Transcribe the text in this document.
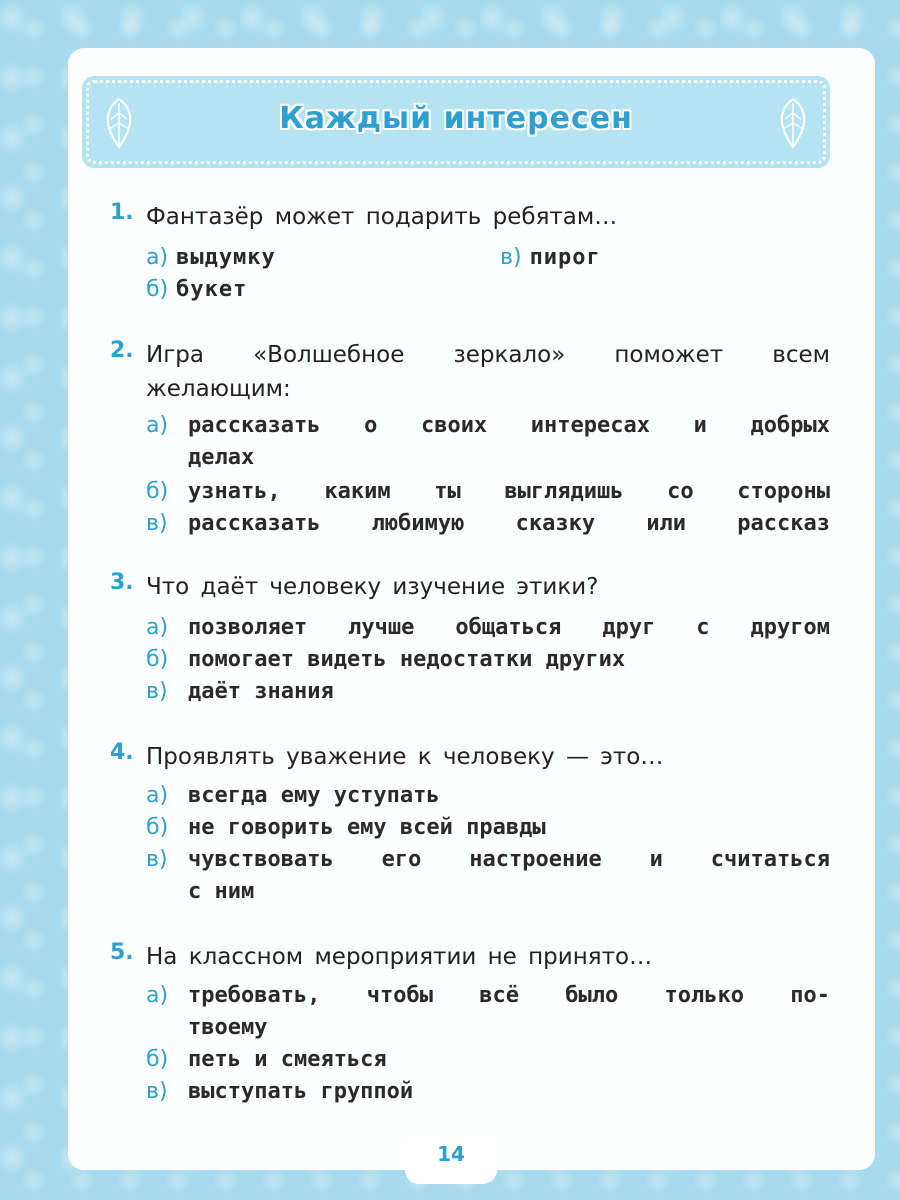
Каждый интересен
1. Фантазёр может подарить ребятам…
а) выдумку
б) букет
в) пирог
2. Игра «Волшебное зеркало» поможет всем
желающим:
а) рассказать о своих интересах и добрых
делах
б) узнать, каким ты выглядишь со стороны
в) рассказать любимую сказку или рассказ
3. Что даёт человеку изучение этики?
а) позволяет лучше общаться друг с другом
б) помогает видеть недостатки других
в) даёт знания
4. Проявлять уважение к человеку — это…
а) всегда ему уступать
б) не говорить ему всей правды
в) чувствовать его настроение и считаться
с ним
5. На классном мероприятии не принято…
а) требовать, чтобы всё было только по-
твоему
б) петь и смеяться
в) выступать группой
14
